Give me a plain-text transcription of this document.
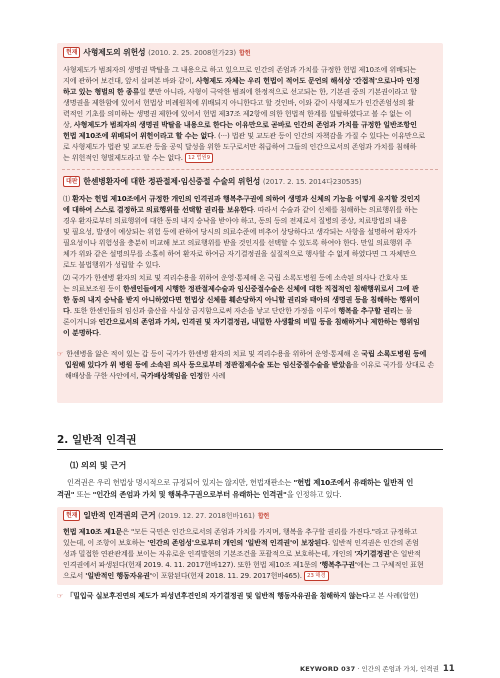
헌재 사형제도의 위헌성 (2010. 2. 25. 2008헌가23) 합헌
사형제도가 범죄자의 생명권 박탈을 그 내용으로 하고 있으므로 인간의 존엄과 가치를 규정한 헌법 제10조에 위배되는
지에 관하여 보건대, 앞서 살펴본 바와 같이, 사형제도 자체는 우리 헌법이 적어도 문언의 해석상 '간접적'으로나마 인정
하고 있는 형벌의 한 종류일 뿐만 아니라, 사형이 극악한 범죄에 한정적으로 선고되는 한, 기본권 중의 기본권이라고 할
생명권을 제한함에 있어서 헌법상 비례원칙에 위배되지 아니한다고 할 것인바, 이와 같이 사형제도가 인간존엄성의 활
력적인 기초를 의미하는 생명권 제한에 있어서 헌법 제37조 제2항에 의한 헌법적 한계를 일탈하였다고 볼 수 없는 이
상, 사형제도가 범죄자의 생명권 박탈을 내용으로 한다는 이유만으로 곧바로 인간의 존엄과 가치를 규정한 일반조항인
헌법 제10조에 위배되어 위헌이라고 할 수는 없다. (···) 법관 및 교도관 등이 인간의 자책감을 가질 수 있다는 이유만으로
로 사형제도가 법관 및 교도관 등을 공익 달성을 위한 도구로서만 취급하여 그들의 인간으로서의 존엄과 가치를 침해하
는 위헌적인 형벌제도라고 할 수는 없다. 12 법원9
대판 한센병환자에 대한 정관절제·임신중절 수술의 위헌성 (2017. 2. 15. 2014다230535)
⑴ 환자는 헌법 제10조에서 규정한 개인의 인격권과 행복추구권에 의하여 생명과 신체의 기능을 어떻게 유지할 것인지
에 대하여 스스로 결정하고 의료행위를 선택할 권리를 보유한다. 따라서 수술과 같이 신체를 침해하는 의료행위를 하는
경우 환자로부터 의료행위에 대한 동의 내지 승낙을 받아야 하고, 동의 등의 전제로서 질병의 증상, 치료방법의 내용
및 필요성, 발생이 예상되는 위험 등에 관하여 당시의 의료수준에 비추어 상당하다고 생각되는 사항을 설명하여 환자가
필요성이나 위험성을 충분히 비교해 보고 의료행위를 받을 것인지를 선택할 수 있도록 하여야 한다. 만일 의료행위 주
체가 위와 같은 설명의무를 소홀히 하여 환자로 하여금 자기결정권을 실질적으로 행사할 수 없게 하였다면 그 자체만으
로도 불법행위가 성립할 수 있다.
⑵ 국가가 한센병 환자의 치료 및 격리수용을 위하여 운영·통제해 온 국립 소록도병원 등에 소속된 의사나 간호사 또
는 의료보조원 등이 한센인들에게 시행한 정관절제수술과 임신중절수술은 신체에 대한 직접적인 침해행위로서 그에 관
한 동의 내지 승낙을 받지 아니하였다면 헌법상 신체를 훼손당하지 아니할 권리와 태아의 생명권 등을 침해하는 행위이
다. 또한 한센인들의 임신과 출산을 사실상 금지함으로써 자손을 낳고 단란한 가정을 이루어 행복을 추구할 권리는 물
론이거니와 인간으로서의 존엄과 가치, 인격권 및 자기결정권, 내밀한 사생활의 비밀 등을 침해하거나 제한하는 행위임
이 분명하다.
☞ 한센병을 앓은 적이 있는 갑 등이 국가가 한센병 환자의 치료 및 격리수용을 위하여 운영·통제해 온 국립 소록도병원 등에
입원해 있다가 위 병원 등에 소속된 의사 등으로부터 정관절제수술 또는 임신중절수술을 받았음을 이유로 국가를 상대로 손
해배상을 구한 사안에서, 국가배상책임을 인정한 사례
2. 일반적 인격권
⑴ 의의 및 근거
인격권은 우리 헌법상 명시적으로 규정되어 있지는 않지만, 헌법재판소는 "헌법 제10조에서 유래하는 일반적 인
격권" 또는 "인간의 존엄과 가치 및 행복추구권으로부터 유래하는 인격권"을 인정하고 있다.
헌재 일반적 인격권의 근거 (2019. 12. 27. 2018헌바161) 합헌
헌법 제10조 제1문은 "모든 국민은 인간으로서의 존엄과 가치를 가지며, 행복을 추구할 권리를 가진다."라고 규정하고
있는데, 이 조항이 보호하는 '인간의 존엄성'으로부터 개인의 '일반적 인격권'이 보장된다. 일반적 인격권은 인간의 존엄
성과 밀접한 연관관계를 보이는 자유로운 인격발현의 기본조건을 포괄적으로 보호하는데, 개인의 '자기결정권'은 일반적
인격권에서 파생된다(헌재 2019. 4. 11. 2017헌바127). 또한 헌법 제10조 제1문의 '행복추구권'에는 그 구체적인 표현
으로서 '일반적인 행동자유권'이 포함된다(헌재 2018. 11. 29. 2017헌바465). 23 해경
☞ 「밀입국 실보후진연의 제도가 피성년후견인의 자기결정권 및 일반적 행동자유권을 침해하지 않는다고 본 사례(합헌)
KEYWORD 037 · 인간의 존엄과 가치, 인격권 11
